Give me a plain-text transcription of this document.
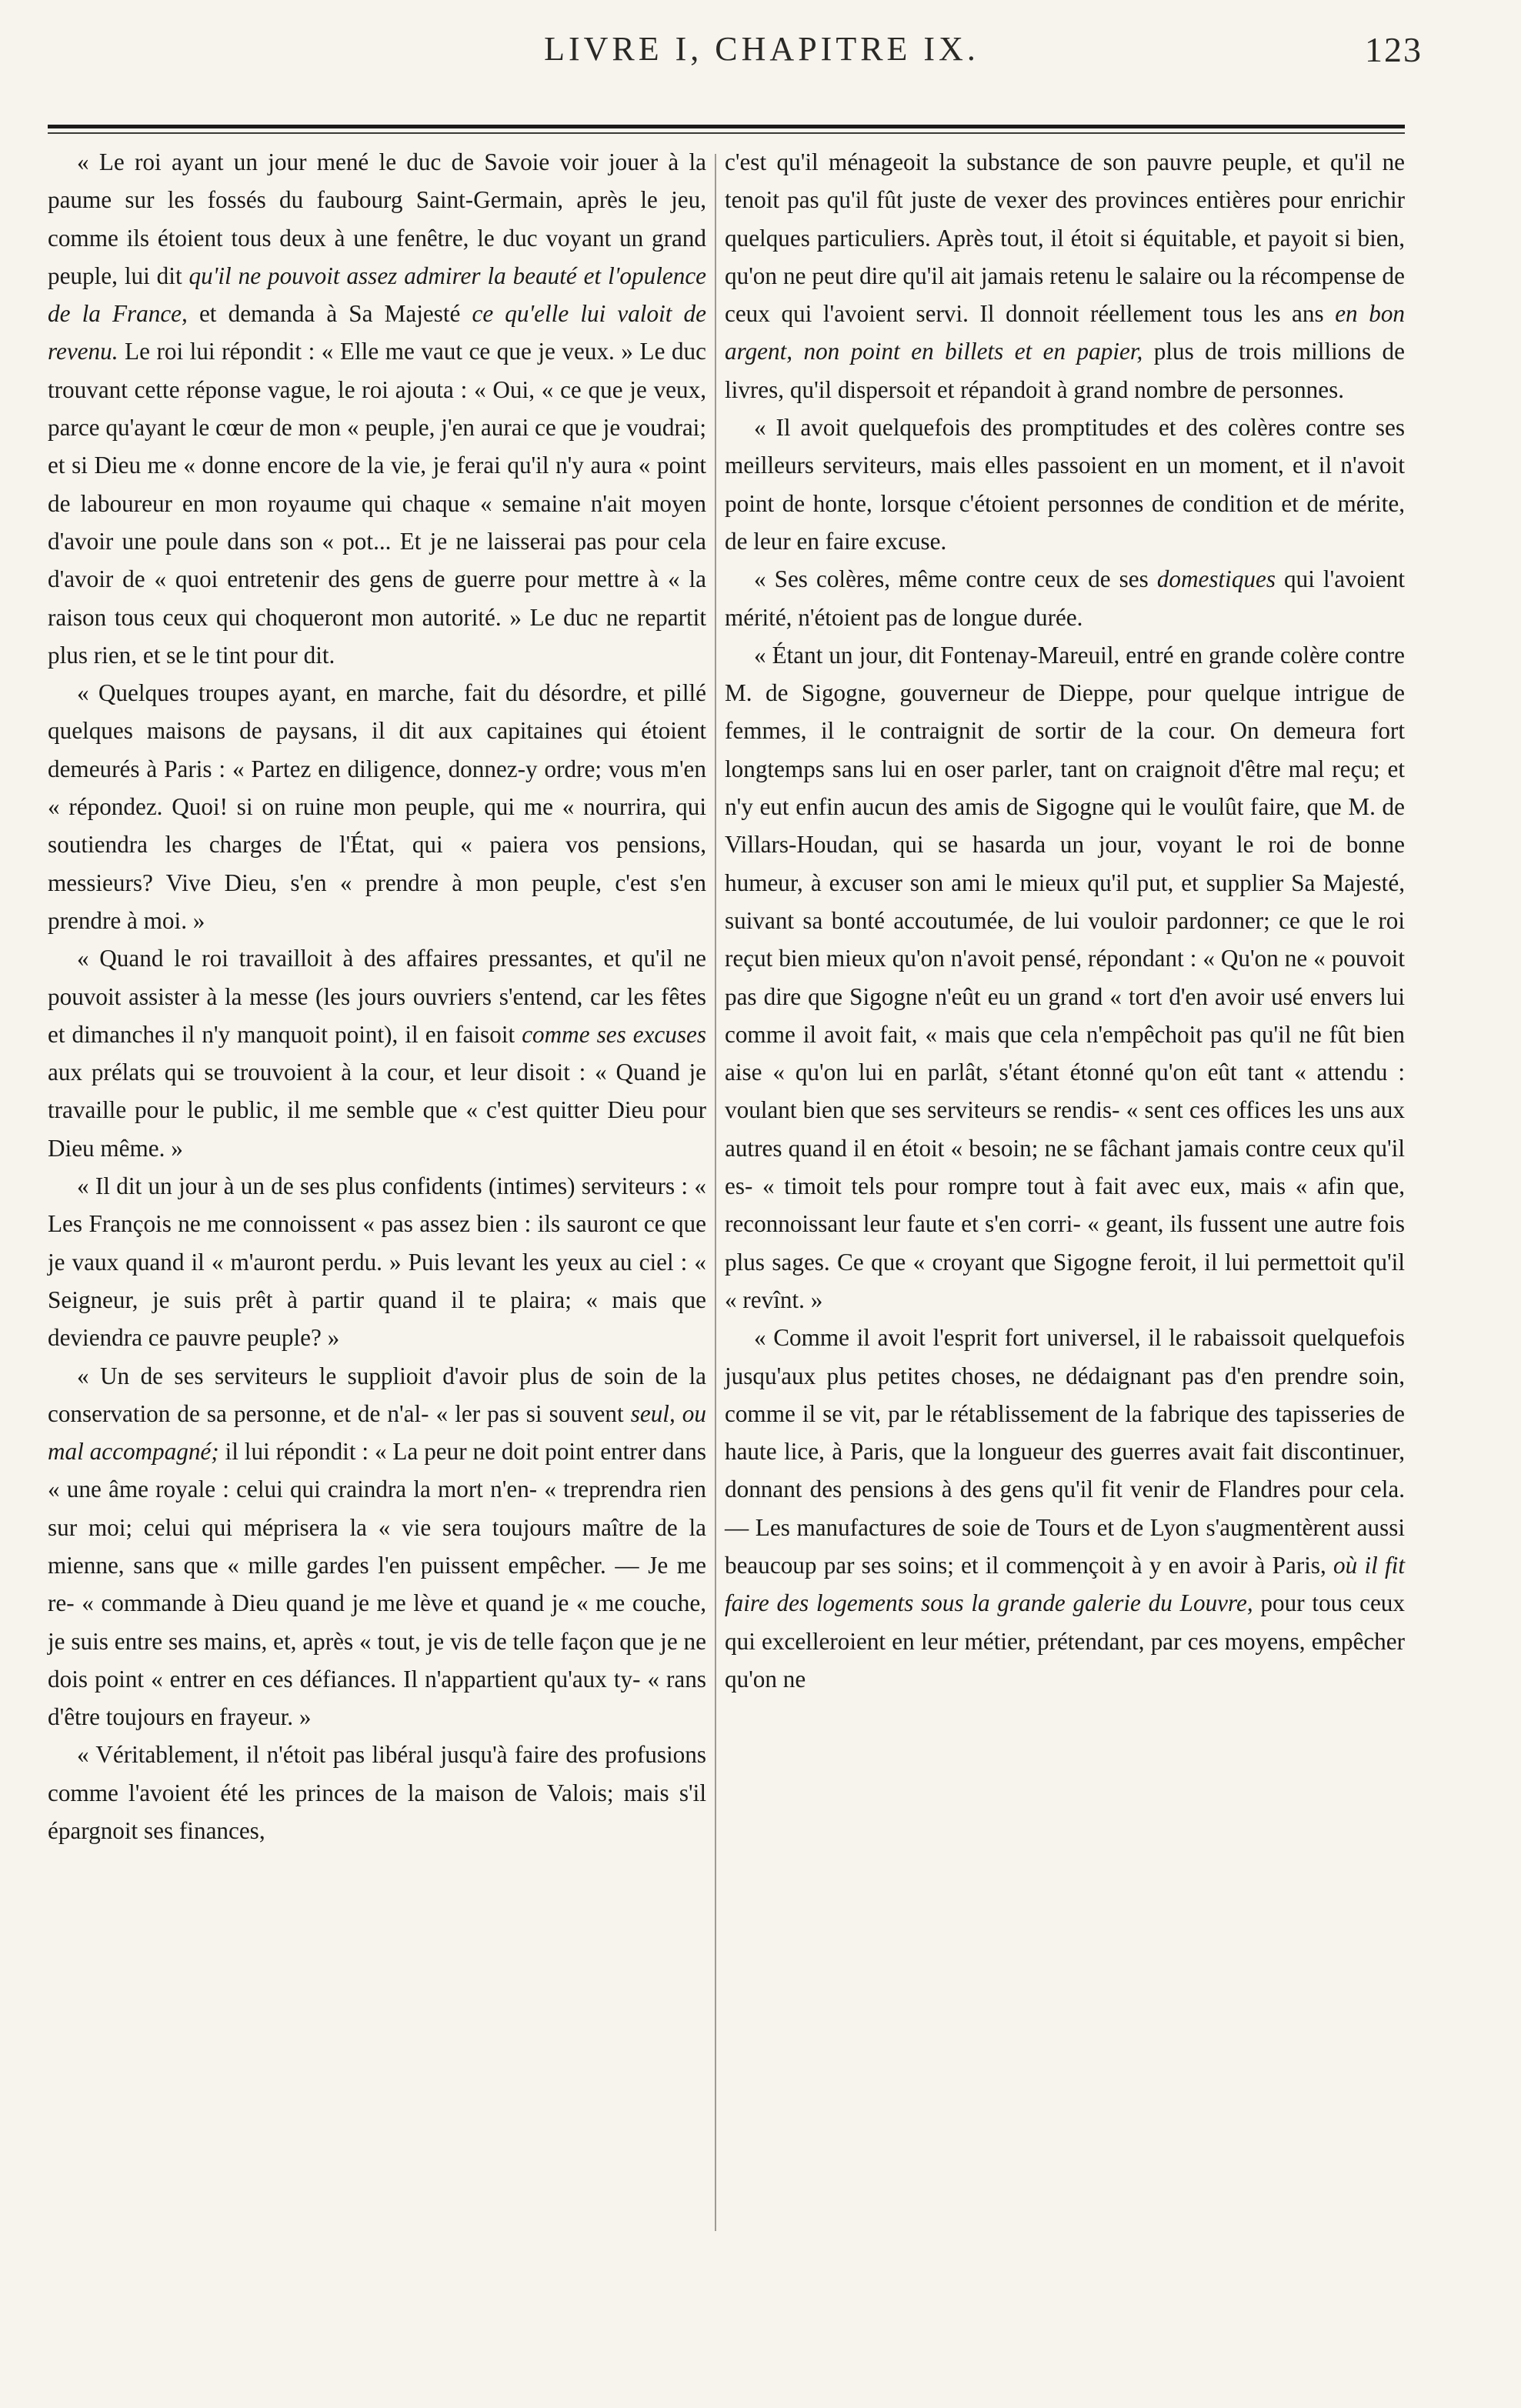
LIVRE I, CHAPITRE IX.	123

« Le roi ayant un jour mené le duc de Savoie voir jouer à la paume sur les fossés du faubourg Saint-Germain, après le jeu, comme ils étoient tous deux à une fenêtre, le duc voyant un grand peuple, lui dit qu'il ne pouvoit assez admirer la beauté et l'opulence de la France, et demanda à Sa Majesté ce qu'elle lui valoit de revenu. Le roi lui répondit : « Elle me vaut ce que je veux. » Le duc trouvant cette réponse vague, le roi ajouta : « Oui, « ce que je veux, parce qu'ayant le cœur de mon « peuple, j'en aurai ce que je voudrai; et si Dieu me « donne encore de la vie, je ferai qu'il n'y aura « point de laboureur en mon royaume qui chaque « semaine n'ait moyen d'avoir une poule dans son « pot... Et je ne laisserai pas pour cela d'avoir de « quoi entretenir des gens de guerre pour mettre à « la raison tous ceux qui choqueront mon autorité. » Le duc ne repartit plus rien, et se le tint pour dit.

« Quelques troupes ayant, en marche, fait du désordre, et pillé quelques maisons de paysans, il dit aux capitaines qui étoient demeurés à Paris : « Partez en diligence, donnez-y ordre; vous m'en « répondez. Quoi! si on ruine mon peuple, qui me « nourrira, qui soutiendra les charges de l'État, qui « paiera vos pensions, messieurs? Vive Dieu, s'en « prendre à mon peuple, c'est s'en prendre à moi. »

« Quand le roi travailloit à des affaires pressantes, et qu'il ne pouvoit assister à la messe (les jours ouvriers s'entend, car les fêtes et dimanches il n'y manquoit point), il en faisoit comme ses excuses aux prélats qui se trouvoient à la cour, et leur disoit : « Quand je travaille pour le public, il me semble que « c'est quitter Dieu pour Dieu même. »

« Il dit un jour à un de ses plus confidents (intimes) serviteurs : « Les François ne me connoissent « pas assez bien : ils sauront ce que je vaux quand il « m'auront perdu. » Puis levant les yeux au ciel : « Seigneur, je suis prêt à partir quand il te plaira; « mais que deviendra ce pauvre peuple? »

« Un de ses serviteurs le supplioit d'avoir plus de soin de la conservation de sa personne, et de n'al- « ler pas si souvent seul, ou mal accompagné; il lui répondit : « La peur ne doit point entrer dans « une âme royale : celui qui craindra la mort n'en- « treprendra rien sur moi; celui qui méprisera la « vie sera toujours maître de la mienne, sans que « mille gardes l'en puissent empêcher. — Je me re- « commande à Dieu quand je me lève et quand je « me couche, je suis entre ses mains, et, après « tout, je vis de telle façon que je ne dois point « entrer en ces défiances. Il n'appartient qu'aux ty- « rans d'être toujours en frayeur. »

« Véritablement, il n'étoit pas libéral jusqu'à faire des profusions comme l'avoient été les princes de la maison de Valois; mais s'il épargnoit ses finances,

c'est qu'il ménageoit la substance de son pauvre peuple, et qu'il ne tenoit pas qu'il fût juste de vexer des provinces entières pour enrichir quelques particuliers. Après tout, il étoit si équitable, et payoit si bien, qu'on ne peut dire qu'il ait jamais retenu le salaire ou la récompense de ceux qui l'avoient servi. Il donnoit réellement tous les ans en bon argent, non point en billets et en papier, plus de trois millions de livres, qu'il dispersoit et répandoit à grand nombre de personnes.

« Il avoit quelquefois des promptitudes et des colères contre ses meilleurs serviteurs, mais elles passoient en un moment, et il n'avoit point de honte, lorsque c'étoient personnes de condition et de mérite, de leur en faire excuse.

« Ses colères, même contre ceux de ses domestiques qui l'avoient mérité, n'étoient pas de longue durée.

« Étant un jour, dit Fontenay-Mareuil, entré en grande colère contre M. de Sigogne, gouverneur de Dieppe, pour quelque intrigue de femmes, il le contraignit de sortir de la cour. On demeura fort longtemps sans lui en oser parler, tant on craignoit d'être mal reçu; et n'y eut enfin aucun des amis de Sigogne qui le voulût faire, que M. de Villars-Houdan, qui se hasarda un jour, voyant le roi de bonne humeur, à excuser son ami le mieux qu'il put, et supplier Sa Majesté, suivant sa bonté accoutumée, de lui vouloir pardonner; ce que le roi reçut bien mieux qu'on n'avoit pensé, répondant : « Qu'on ne « pouvoit pas dire que Sigogne n'eût eu un grand « tort d'en avoir usé envers lui comme il avoit fait, « mais que cela n'empêchoit pas qu'il ne fût bien aise « qu'on lui en parlât, s'étant étonné qu'on eût tant « attendu : voulant bien que ses serviteurs se rendis- « sent ces offices les uns aux autres quand il en étoit « besoin; ne se fâchant jamais contre ceux qu'il es- « timoit tels pour rompre tout à fait avec eux, mais « afin que, reconnoissant leur faute et s'en corri- « geant, ils fussent une autre fois plus sages. Ce que « croyant que Sigogne feroit, il lui permettoit qu'il « revînt. »

« Comme il avoit l'esprit fort universel, il le rabaissoit quelquefois jusqu'aux plus petites choses, ne dédaignant pas d'en prendre soin, comme il se vit, par le rétablissement de la fabrique des tapisseries de haute lice, à Paris, que la longueur des guerres avait fait discontinuer, donnant des pensions à des gens qu'il fit venir de Flandres pour cela. — Les manufactures de soie de Tours et de Lyon s'augmentèrent aussi beaucoup par ses soins; et il commençoit à y en avoir à Paris, où il fit faire des logements sous la grande galerie du Louvre, pour tous ceux qui excelleroient en leur métier, prétendant, par ces moyens, empêcher qu'on ne
